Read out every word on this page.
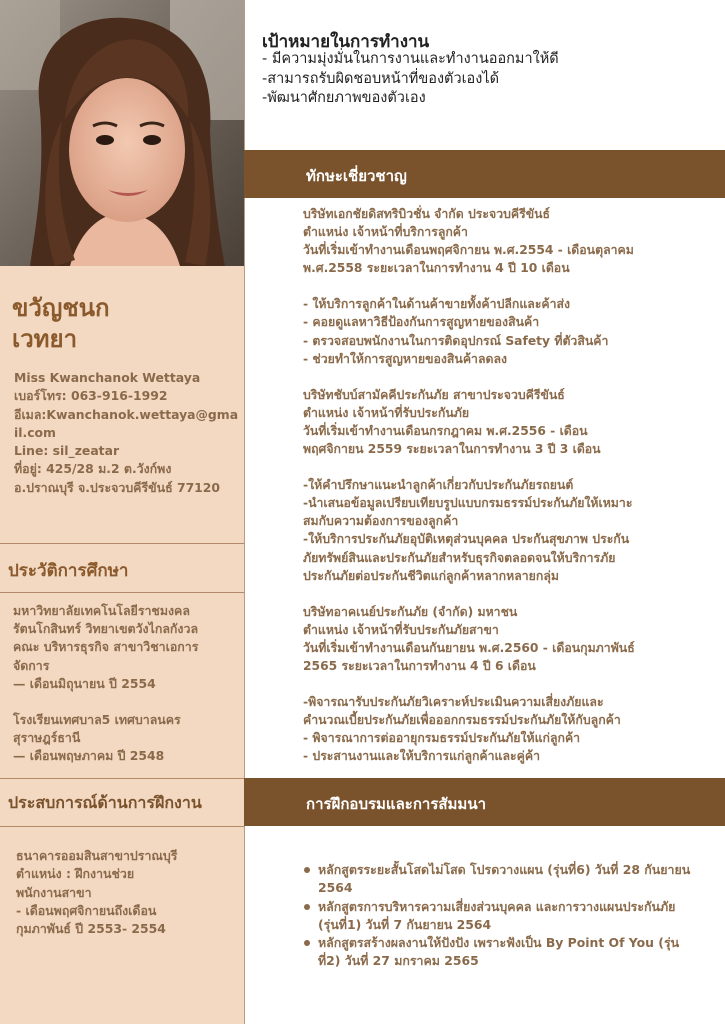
ขวัญชนก
เวทยา
Miss Kwanchanok Wettaya
เบอร์โทร: 063-916-1992
อีเมล:Kwanchanok.wettaya@gmail.com
Line: sil_zeatar
ที่อยู่: 425/28 ม.2 ต.วังก์พง
อ.ปราณบุรี จ.ประจวบคีรีขันธ์ 77120
ประวัติการศึกษา
มหาวิทยาลัยเทคโนโลยีราชมงคล
รัตนโกสินทร์ วิทยาเขตวังไกลกังวล
คณะ บริหารธุรกิจ สาขาวิชาเอการ
จัดการ
— เดือนมิถุนายน ปี 2554
โรงเรียนเทศบาล5 เทศบาลนคร
สุราษฎร์ธานี
— เดือนพฤษภาคม ปี 2548
ประสบการณ์ด้านการฝึกงาน	การฝึกอบรมและการสัมมนา
ธนาคารออมสินสาขาปราณบุรี
ตำแหน่ง : ฝึกงานช่วย
พนักงานสาขา
- เดือนพฤศจิกายนถึงเดือน
กุมภาพันธ์ ปี 2553- 2554
เป้าหมายในการทำงาน
- มีความมุ่งมั่นในการงานและทำงานออกมาให้ดี
-สามารถรับผิดชอบหน้าที่ของตัวเองได้
-พัฒนาศักยภาพของตัวเอง
ทักษะเชี่ยวชาญ
บริษัทเอกชัยดิสทริบิวชั่น จำกัด ประจวบคีรีขันธ์
ตำแหน่ง เจ้าหน้าที่บริการลูกค้า
วันที่เริ่มเข้าทำงานเดือนพฤศจิกายน พ.ศ.2554 - เดือนตุลาคม
พ.ศ.2558 ระยะเวลาในการทำงาน 4 ปี 10 เดือน
- ให้บริการลูกค้าในด้านค้าขายทั้งค้าปลีกและค้าส่ง
- คอยดูแลหาวิธีป้องกันการสูญหายของสินค้า
- ตรวจสอบพนักงานในการติดอุปกรณ์ Safety ที่ตัวสินค้า
- ช่วยทำให้การสูญหายของสินค้าลดลง
บริษัทชับบ์สามัคคีประกันภัย สาขาประจวบคีรีขันธ์
ตำแหน่ง เจ้าหน้าที่รับประกันภัย
วันที่เริ่มเข้าทำงานเดือนกรกฎาคม พ.ศ.2556 - เดือน
พฤศจิกายน 2559 ระยะเวลาในการทำงาน 3 ปี 3 เดือน
-ให้คำปรึกษาแนะนำลูกค้าเกี่ยวกับประกันภัยรถยนต์
-นำเสนอข้อมูลเปรียบเทียบรูปแบบกรมธรรม์ประกันภัยให้เหมาะ
สมกับความต้องการของลูกค้า
-ให้บริการประกันภัยอุบัติเหตุส่วนบุคคล ประกันสุขภาพ ประกัน
ภัยทรัพย์สินและประกันภัยสำหรับธุรกิจตลอดจนให้บริการภัย
ประกันภัยต่อประกันชีวิตแก่ลูกค้าหลากหลายกลุ่ม
บริษัทอาคเนย์ประกันภัย (จำกัด) มหาชน
ตำแหน่ง เจ้าหน้าที่รับประกันภัยสาขา
วันที่เริ่มเข้าทำงานเดือนกันยายน พ.ศ.2560 - เดือนกุมภาพันธ์
2565 ระยะเวลาในการทำงาน 4 ปี 6 เดือน
-พิจารณารับประกันภัยวิเคราะห์ประเมินความเสี่ยงภัยและ
คำนวณเบี้ยประกันภัยเพื่อออกกรมธรรม์ประกันภัยให้กับลูกค้า
- พิจารณาการต่ออายุกรมธรรม์ประกันภัยให้แก่ลูกค้า
- ประสานงานและให้บริการแก่ลูกค้าและคู่ค้า
หลักสูตรระยะสั้นโสดไม่โสด โปรดวางแผน (รุ่นที่6) วันที่ 28 กันยายน 2564
หลักสูตรการบริหารความเสี่ยงส่วนบุคคล และการวางแผนประกันภัย (รุ่นที่1) วันที่ 7 กันยายน 2564
หลักสูตรสร้างผลงานให้ปังปัง เพราะฟังเป็น By Point Of You (รุ่นที่2) วันที่ 27 มกราคม 2565
